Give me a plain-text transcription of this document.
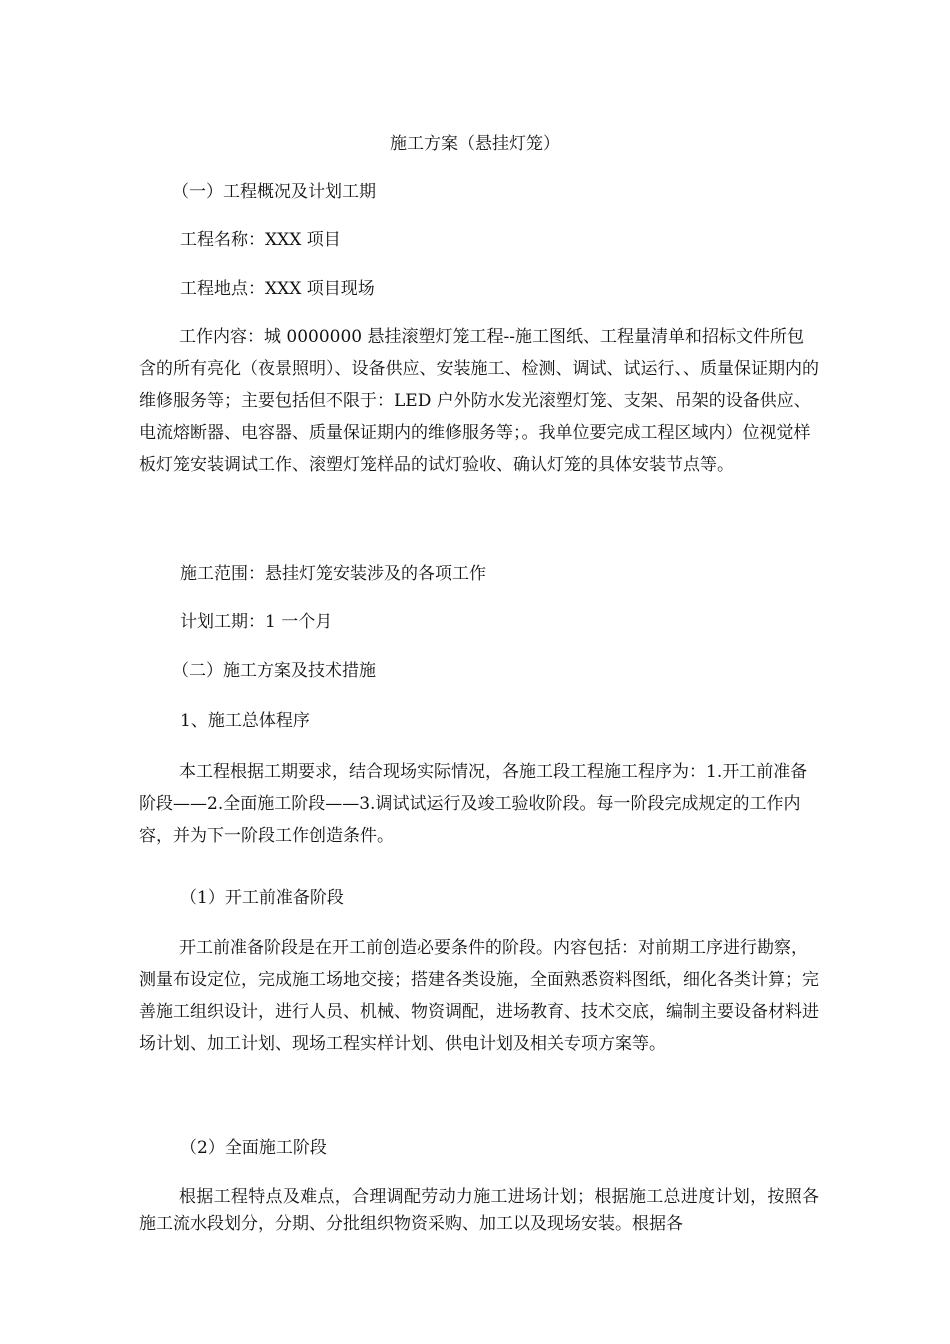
施工方案（悬挂灯笼）
（一）工程概况及计划工期
工程名称：XXX 项目
工程地点：XXX 项目现场
工作内容：城 0000000 悬挂滚塑灯笼工程--施工图纸、工程量清单和招标文件所包含的所有亮化（夜景照明）、设备供应、安装施工、检测、调试、试运行、、质量保证期内的维修服务等；主要包括但不限于：LED 户外防水发光滚塑灯笼、支架、吊架的设备供应、电流熔断器、电容器、质量保证期内的维修服务等；。我单位要完成工程区域内）位视觉样板灯笼安装调试工作、滚塑灯笼样品的试灯验收、确认灯笼的具体安装节点等。
施工范围：悬挂灯笼安装涉及的各项工作
计划工期：1 一个月
（二）施工方案及技术措施
1、施工总体程序
本工程根据工期要求，结合现场实际情况，各施工段工程施工程序为：1.开工前准备阶段——2.全面施工阶段——3.调试试运行及竣工验收阶段。每一阶段完成规定的工作内容，并为下一阶段工作创造条件。
（1）开工前准备阶段
开工前准备阶段是在开工前创造必要条件的阶段。内容包括：对前期工序进行勘察，测量布设定位，完成施工场地交接；搭建各类设施，全面熟悉资料图纸，细化各类计算；完善施工组织设计，进行人员、机械、物资调配，进场教育、技术交底，编制主要设备材料进场计划、加工计划、现场工程实样计划、供电计划及相关专项方案等。
（2）全面施工阶段
根据工程特点及难点，合理调配劳动力施工进场计划；根据施工总进度计划，按照各施工流水段划分，分期、分批组织物资采购、加工以及现场安装。根据各
